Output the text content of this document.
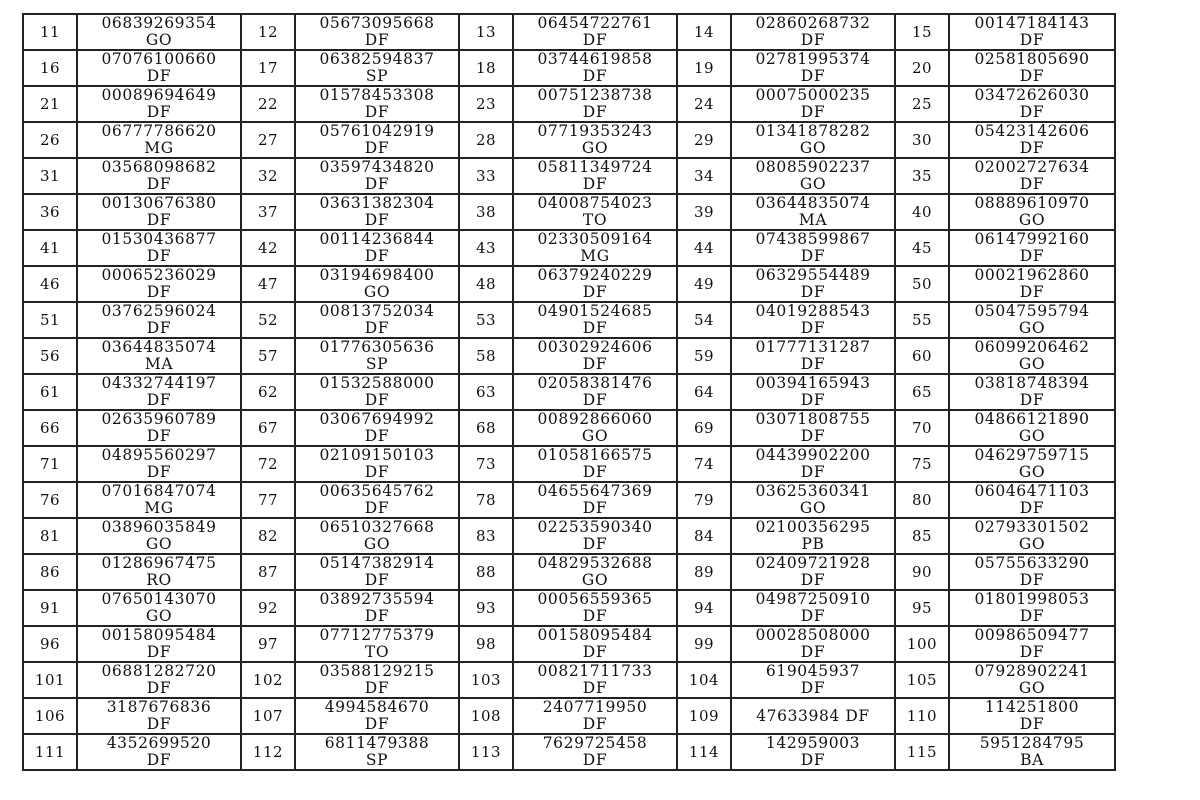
11	06839269354
GO	12	05673095668
DF	13	06454722761
DF	14	02860268732
DF	15	00147184143
DF

16	07076100660
DF	17	06382594837
SP	18	03744619858
DF	19	02781995374
DF	20	02581805690
DF

21	00089694649
DF	22	01578453308
DF	23	00751238738
DF	24	00075000235
DF	25	03472626030
DF

26	06777786620
MG	27	05761042919
DF	28	07719353243
GO	29	01341878282
GO	30	05423142606
DF

31	03568098682
DF	32	03597434820
DF	33	05811349724
DF	34	08085902237
GO	35	02002727634
DF

36	00130676380
DF	37	03631382304
DF	38	04008754023
TO	39	03644835074
MA	40	08889610970
GO

41	01530436877
DF	42	00114236844
DF	43	02330509164
MG	44	07438599867
DF	45	06147992160
DF

46	00065236029
DF	47	03194698400
GO	48	06379240229
DF	49	06329554489
DF	50	00021962860
DF

51	03762596024
DF	52	00813752034
DF	53	04901524685
DF	54	04019288543
DF	55	05047595794
GO

56	03644835074
MA	57	01776305636
SP	58	00302924606
DF	59	01777131287
DF	60	06099206462
GO

61	04332744197
DF	62	01532588000
DF	63	02058381476
DF	64	00394165943
DF	65	03818748394
DF

66	02635960789
DF	67	03067694992
DF	68	00892866060
GO	69	03071808755
DF	70	04866121890
GO

71	04895560297
DF	72	02109150103
DF	73	01058166575
DF	74	04439902200
DF	75	04629759715
GO

76	07016847074
MG	77	00635645762
DF	78	04655647369
DF	79	03625360341
GO	80	06046471103
DF

81	03896035849
GO	82	06510327668
GO	83	02253590340
DF	84	02100356295
PB	85	02793301502
GO

86	01286967475
RO	87	05147382914
DF	88	04829532688
GO	89	02409721928
DF	90	05755633290
DF

91	07650143070
GO	92	03892735594
DF	93	00056559365
DF	94	04987250910
DF	95	01801998053
DF

96	00158095484
DF	97	07712775379
TO	98	00158095484
DF	99	00028508000
DF	100	00986509477
DF

101	06881282720
DF	102	03588129215
DF	103	00821711733
DF	104	619045937
DF	105	07928902241
GO

106	3187676836
DF	107	4994584670
DF	108	2407719950
DF	109	47633984 DF	110	114251800
DF

111	4352699520
DF	112	6811479388
SP	113	7629725458
DF	114	142959003
DF	115	5951284795
BA
